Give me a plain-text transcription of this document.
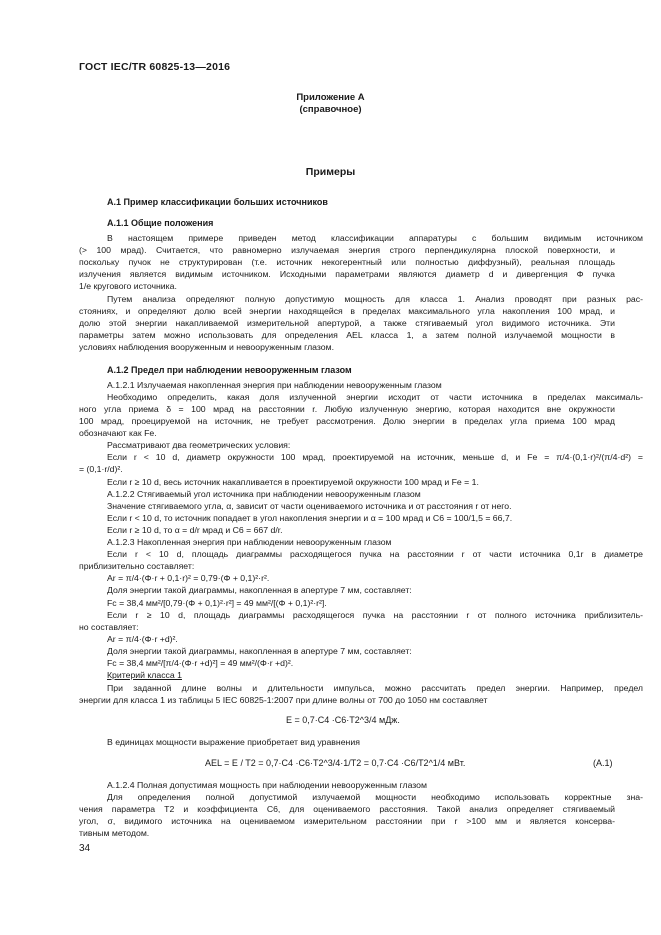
ГОСТ IEC/TR 60825-13—2016
Приложение А
(справочное)
Примеры
А.1 Пример классификации больших источников
А.1.1 Общие положения
В настоящем примере приведен метод классификации аппаратуры с большим видимым источником
(> 100 мрад). Считается, что равномерно излучаемая энергия строго перпендикулярна плоской поверхности, и
поскольку пучок не структурирован (т.е. источник некогерентный или полностью диффузный), реальная площадь
излучения является видимым источником. Исходными параметрами являются диаметр d и дивергенция Φ пучка
1/e кругового источника.
Путем анализа определяют полную допустимую мощность для класса 1. Анализ проводят при разных рас-
стояниях, и определяют долю всей энергии находящейся в пределах максимального угла накопления 100 мрад, и
долю этой энергии накапливаемой измерительной апертурой, а также стягиваемый угол видимого источника. Эти
параметры затем можно использовать для определения AEL класса 1, а затем полной излучаемой мощности в
условиях наблюдения вооруженным и невооруженным глазом.
А.1.2 Предел при наблюдении невооруженным глазом
А.1.2.1 Излучаемая накопленная энергия при наблюдении невооруженным глазом
Необходимо определить, какая доля излученной энергии исходит от части источника в пределах максималь-
ного угла приема δ = 100 мрад на расстоянии r. Любую излученную энергию, которая находится вне окружности
100 мрад, проецируемой на источник, не требует рассмотрения. Долю энергии в пределах угла приема 100 мрад
обозначают как Fe.
Рассматривают два геометрических условия:
Если r < 10 d, диаметр окружности 100 мрад, проектируемой на источник, меньше d, и Fe = π/4·(0,1·r)²/(π/4·d²) =
= (0,1·r/d)².
Если r ≥ 10 d, весь источник накапливается в проектируемой окружности 100 мрад и Fe = 1.
А.1.2.2 Стягиваемый угол источника при наблюдении невооруженным глазом
Значение стягиваемого угла, α, зависит от части оцениваемого источника и от расстояния r от него.
Если r < 10 d, то источник попадает в угол накопления энергии и α = 100 мрад и C6 = 100/1,5 = 66,7.
Если r ≥ 10 d, то α = d/r мрад и C6 = 667 d/r.
А.1.2.3 Накопленная энергия при наблюдении невооруженным глазом
Если r < 10 d, площадь диаграммы расходящегося пучка на расстоянии r от части источника 0,1r в диаметре
приблизительно составляет:
Ar = π/4·(Φ·r + 0,1·r)² = 0,79·(Φ + 0,1)²·r².
Доля энергии такой диаграммы, накопленная в апертуре 7 мм, составляет:
Fc = 38,4 мм²/[0,79·(Φ + 0,1)²·r²] = 49 мм²/[(Φ + 0,1)²·r²].
Если r ≥ 10 d, площадь диаграммы расходящегося пучка на расстоянии r от полного источника приблизитель-
но составляет:
Ar = π/4·(Φ·r +d)².
Доля энергии такой диаграммы, накопленная в апертуре 7 мм, составляет:
Fc = 38,4 мм²/[π/4·(Φ·r +d)²] = 49 мм²/(Φ·r +d)².
Критерий класса 1
При заданной длине волны и длительности импульса, можно рассчитать предел энергии. Например, предел
энергии для класса 1 из таблицы 5 IEC 60825-1:2007 при длине волны от 700 до 1050 нм составляет
E = 0,7·C4 ·C6·T2^3/4 мДж.
В единицах мощности выражение приобретает вид уравнения
AEL = E / T2 = 0,7·C4 ·C6·T2^3/4·1/T2 = 0,7·C4 ·C6/T2^1/4 мВт.	(А.1)
А.1.2.4 Полная допустимая мощность при наблюдении невооруженным глазом
Для определения полной допустимой излучаемой мощности необходимо использовать корректные зна-
чения параметра T2 и коэффициента C6, для оцениваемого расстояния. Такой анализ определяет стягиваемый
угол, σ, видимого источника на оцениваемом измерительном расстоянии при r >100 мм и является консерва-
тивным методом.
34
